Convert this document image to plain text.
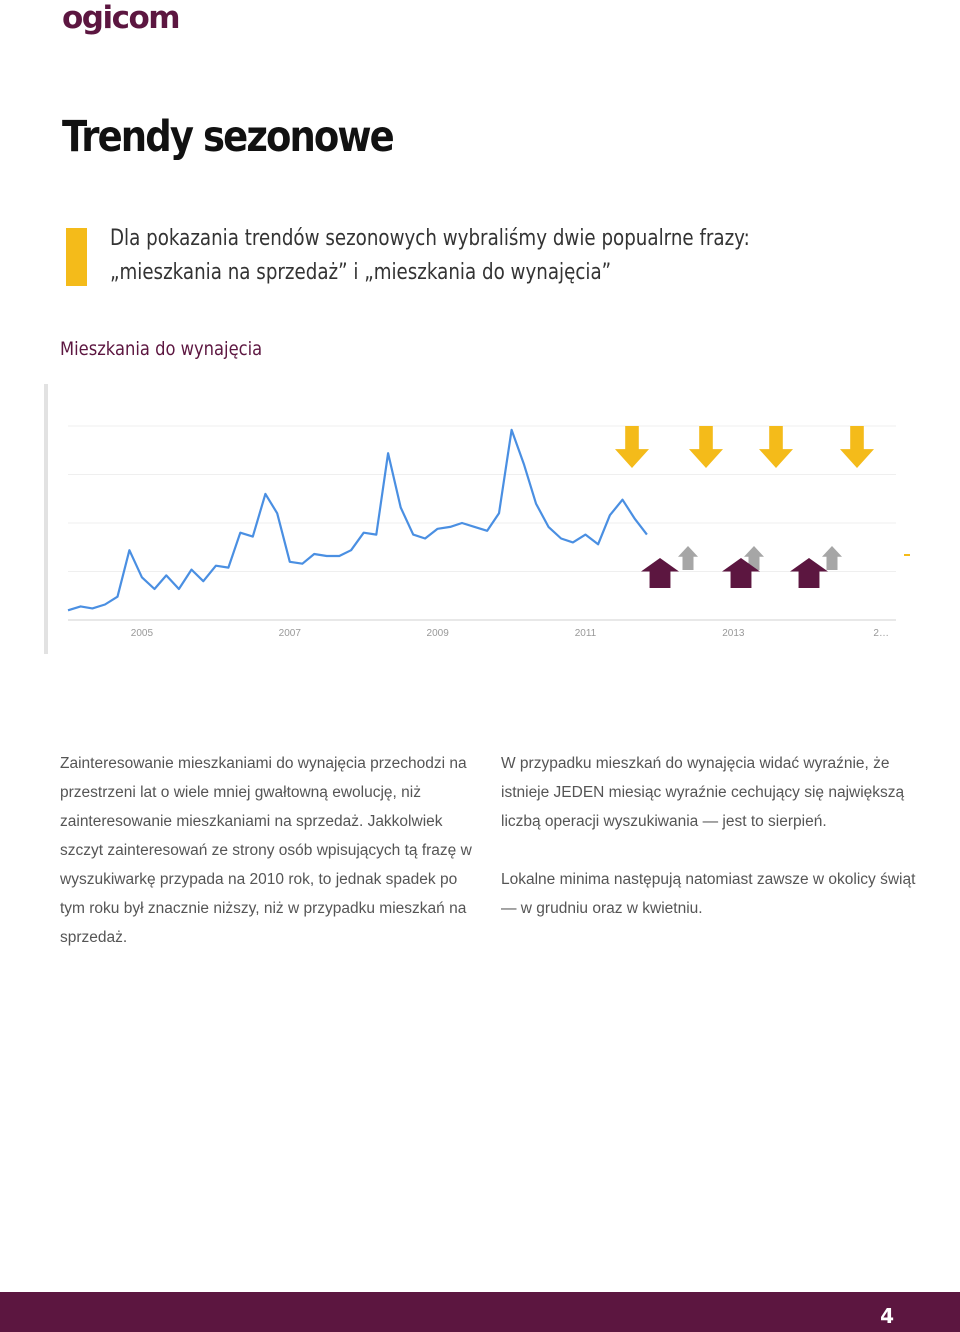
ogicom
Trendy sezonowe
Dla pokazania trendów sezonowych wybraliśmy dwie popualrne frazy:
„mieszkania na sprzedaż” i „mieszkania do wynajęcia”
Mieszkania do wynajęcia
2005	2007	2009	2011	2013	2…

Zainteresowanie mieszkaniami do wynajęcia przechodzi na przestrzeni lat o wiele mniej gwałtowną ewolucję, niż zainteresowanie mieszkaniami na sprzedaż. Jakkolwiek szczyt zainteresowań ze strony osób wpisujących tą frazę w wyszukiwarkę przypada na 2010 rok, to jednak spadek po tym roku był znacznie niższy, niż w przypadku mieszkań na sprzedaż.

W przypadku mieszkań do wynajęcia widać wyraźnie, że istnieje JEDEN miesiąc wyraźnie cechujący się największą liczbą operacji wyszukiwania — jest to sierpień.

Lokalne minima następują natomiast zawsze w okolicy świąt — w grudniu oraz w kwietniu.

4
